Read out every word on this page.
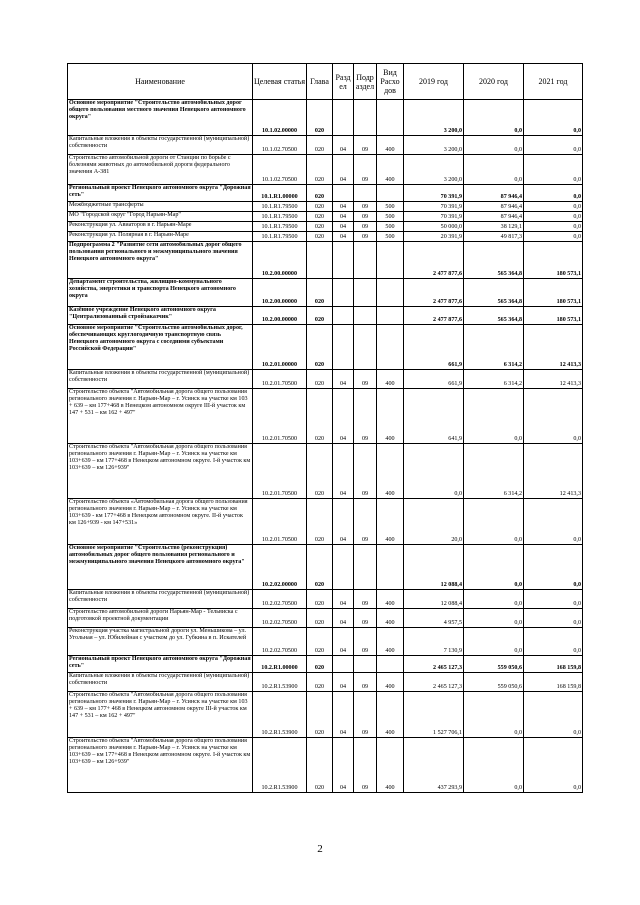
Наименование	Целевая статья	Глава	Разд ел	Подр аздел	Вид Расхо дов	2019 год	2020 год	2021 год
Основное мероприятие "Строительство автомобильных дорог общего пользования местного значения Ненецкого автономного округа"	10.1.02.00000	020				3 200,0	0,0	0,0
Капитальные вложения в объекты государственной (муниципальной) собственности	10.1.02.70500	020	04	09	400	3 200,0	0,0	0,0
Строительство автомобильной дороги от Станции по борьбе с болезнями животных до автомобильной дороги федерального значения А-381	10.1.02.70500	020	04	09	400	3 200,0	0,0	0,0
Региональный проект Ненецкого автономного округа "Дорожная сеть"	10.1.R1.00000	020				70 391,9	87 946,4	0,0
Межбюджетные трансферты	10.1.R1.79500	020	04	09	500	70 391,9	87 946,4	0,0
МО "Городской округ "Город Нарьян-Мар"	10.1.R1.79500	020	04	09	500	70 391,9	87 946,4	0,0
Реконструкция ул. Авиаторов в г. Нарьян-Маре	10.1.R1.79500	020	04	09	500	50 000,0	38 129,1	0,0
Реконструкция ул. Полярная в г. Нарьян-Маре	10.1.R1.79500	020	04	09	500	20 391,9	49 817,3	0,0
Подпрограмма 2 "Развитие сети автомобильных дорог общего пользования регионального и межмуниципального значения Ненецкого автономного округа"	10.2.00.00000					2 477 877,6	565 364,8	180 573,1
Департамент строительства, жилищно-коммунального хозяйства, энергетики и транспорта Ненецкого автономного округа	10.2.00.00000	020				2 477 877,6	565 364,8	180 573,1
Казённое учреждение Ненецкого автономного округа "Централизованный стройзаказчик"	10.2.00.00000	020				2 477 877,6	565 364,8	180 573,1
Основное мероприятие "Строительство автомобильных дорог, обеспечивающих круглогодичную транспортную связь Ненецкого автономного округа с соседними субъектами Российской Федерации"	10.2.01.00000	020				661,9	6 314,2	12 413,3
Капитальные вложения в объекты государственной (муниципальной) собственности	10.2.01.70500	020	04	09	400	661,9	6 314,2	12 413,3
Строительство объекта "Автомобильная дорога общего пользования регионального значения г. Нарьян-Мар – г. Усинск на участке км 103 + 639 – км 177+468 в Ненецком автономном округе III-й участок км 147 + 531 – км 162 + 497"	10.2.01.70500	020	04	09	400	641,9	0,0	0,0
Строительство объекта "Автомобильная дорога общего пользования регионального значения г. Нарьян-Мар – г. Усинск на участке км 103+639 – км 177+468 в Ненецком автономном округе. I-й участок км 103+639 – км 126+939"	10.2.01.70500	020	04	09	400	0,0	6 314,2	12 413,3
Строительство объекта «Автомобильная дорога общего пользования регионального значения г. Нарьян-Мар – г. Усинск на участке км 103+639 - км 177+468 в Ненецком автономном округе. II-й участок км 126+939 - км 147+531»	10.2.01.70500	020	04	09	400	20,0	0,0	0,0
Основное мероприятие "Строительство (реконструкция) автомобильных дорог общего пользования регионального и межмуниципального значения Ненецкого автономного округа"	10.2.02.00000	020				12 088,4	0,0	0,0
Капитальные вложения в объекты государственной (муниципальной) собственности	10.2.02.70500	020	04	09	400	12 088,4	0,0	0,0
Строительство автомобильной дороги Нарьян-Мар - Тельвиска с подготовкой проектной документации	10.2.02.70500	020	04	09	400	4 957,5	0,0	0,0
Реконструкция участка магистральной дороги ул. Меньшикова – ул. Угольная – ул. Юбилейная с участком до ул. Губкина в п. Искателей	10.2.02.70500	020	04	09	400	7 130,9	0,0	0,0
Региональный проект Ненецкого автономного округа "Дорожная сеть"	10.2.R1.00000	020				2 465 127,3	559 050,6	168 159,8
Капитальные вложения в объекты государственной (муниципальной) собственности	10.2.R1.53900	020	04	09	400	2 465 127,3	559 050,6	168 159,8
Строительство объекта "Автомобильная дорога общего пользования регионального значения г. Нарьян-Мар – г. Усинск на участке км 103 + 639 – км 177+ 468 в Ненецком автономном округе III-й участок км 147 + 531 – км 162 + 497"	10.2.R1.53900	020	04	09	400	1 527 706,1	0,0	0,0
Строительство объекта "Автомобильная дорога общего пользования регионального значения г. Нарьян-Мар – г. Усинск на участке км 103+639 – км 177+468 в Ненецком автономном округе. I-й участок км 103+639 – км 126+939"	10.2.R1.53900	020	04	09	400	437 293,9	0,0	0,0
2
